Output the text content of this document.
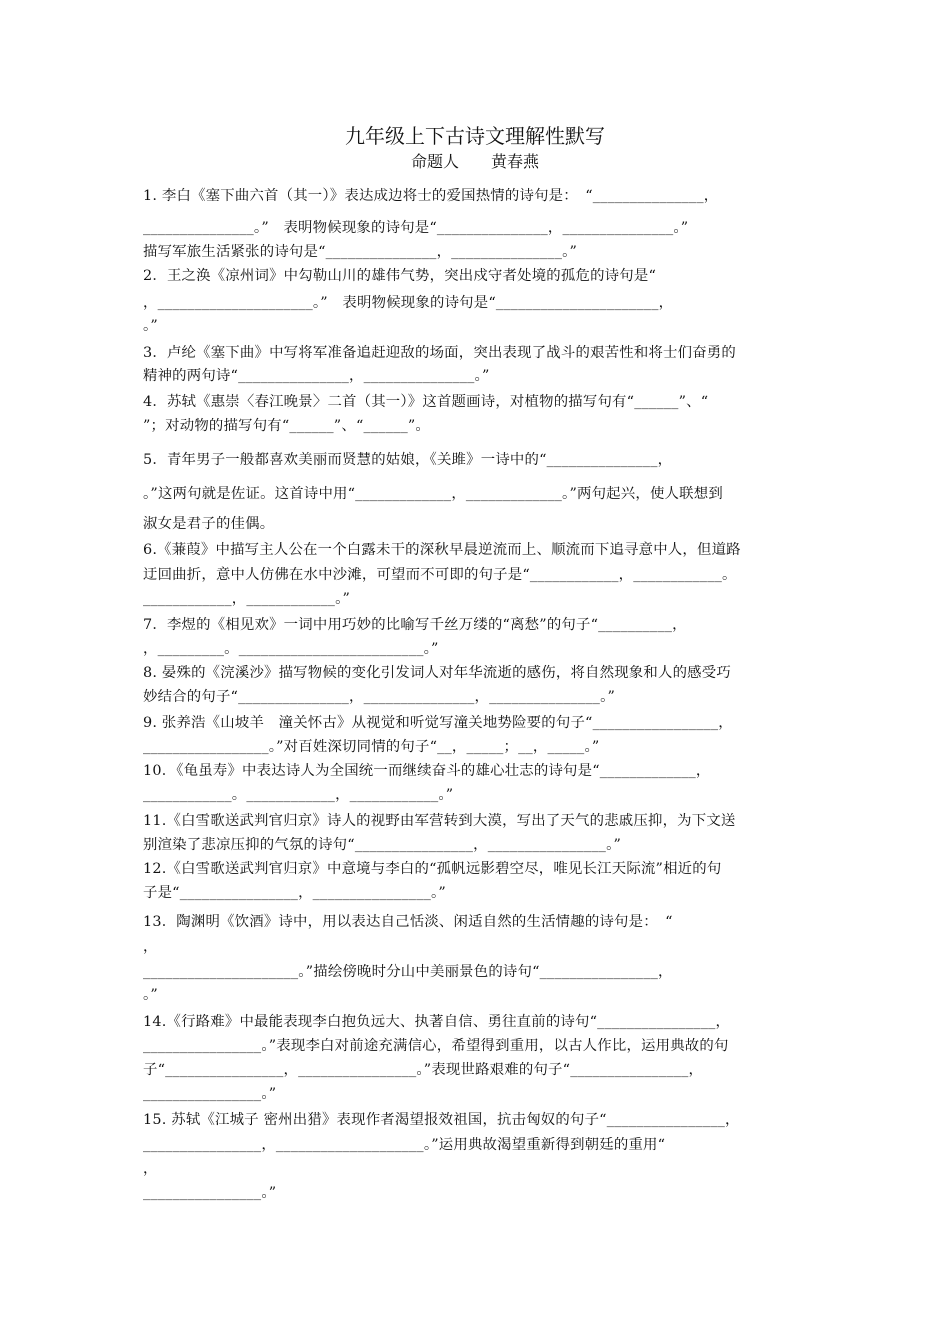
九年级上下古诗文理解性默写
命题人　　黄春燕
1. 李白《塞下曲六首（其一）》表达成边将士的爱国热情的诗句是：　“_______________，
_______________。”　表明物候现象的诗句是“_______________，_______________。”
描写军旅生活紧张的诗句是“_______________，_______________。”
2．王之涣《凉州词》中勾勒山川的雄伟气势，突出戍守者处境的孤危的诗句是“
，_____________________。”　表明物候现象的诗句是“______________________，
。”
3．卢纶《塞下曲》中写将军准备追赶迎敌的场面，突出表现了战斗的艰苦性和将士们奋勇的
精神的两句诗“_______________，_______________。”
4．苏轼《惠崇〈春江晚景〉二首（其一）》这首题画诗，对植物的描写句有“______”、“
”；对动物的描写句有“______”、“______”。
5．青年男子一般都喜欢美丽而贤慧的姑娘，《关雎》一诗中的“_______________，
。”这两句就是佐证。这首诗中用“_____________，_____________。”两句起兴，使人联想到
淑女是君子的佳偶。
6.《蒹葭》中描写主人公在一个白露未干的深秋早晨逆流而上、顺流而下追寻意中人，但道路
迂回曲折，意中人仿佛在水中沙滩，可望而不可即的句子是“____________，____________。
____________，____________。”
7．李煜的《相见欢》一词中用巧妙的比喻写千丝万缕的“离愁”的句子“__________，
，_________。_________________________。”
8. 晏殊的《浣溪沙》描写物候的变化引发词人对年华流逝的感伤，将自然现象和人的感受巧
妙结合的句子“_______________，_______________，_______________。”
9. 张养浩《山坡羊　潼关怀古》从视觉和听觉写潼关地势险要的句子“_________________，
_________________。”对百姓深切同情的句子“__，_____；__，_____。”
10．《龟虽寿》中表达诗人为全国统一而继续奋斗的雄心壮志的诗句是“_____________，
____________。____________，____________。”
11.《白雪歌送武判官归京》诗人的视野由军营转到大漠，写出了天气的悲戚压抑，为下文送
别渲染了悲凉压抑的气氛的诗句“________________，________________。”
12.《白雪歌送武判官归京》中意境与李白的“孤帆远影碧空尽，唯见长江天际流”相近的句
子是“________________，________________。”
13．陶渊明《饮酒》诗中，用以表达自己恬淡、闲适自然的生活情趣的诗句是：　“
，
_____________________。”描绘傍晚时分山中美丽景色的诗句“________________，
。”
14.《行路难》中最能表现李白抱负远大、执著自信、勇往直前的诗句“________________，
________________。”表现李白对前途充满信心，希望得到重用，以古人作比，运用典故的句
子“________________，________________。”表现世路艰难的句子“________________，
________________。”
15. 苏轼《江城子 密州出猎》表现作者渴望报效祖国，抗击匈奴的句子“________________，
________________，____________________。”运用典故渴望重新得到朝廷的重用“
，
________________。”
